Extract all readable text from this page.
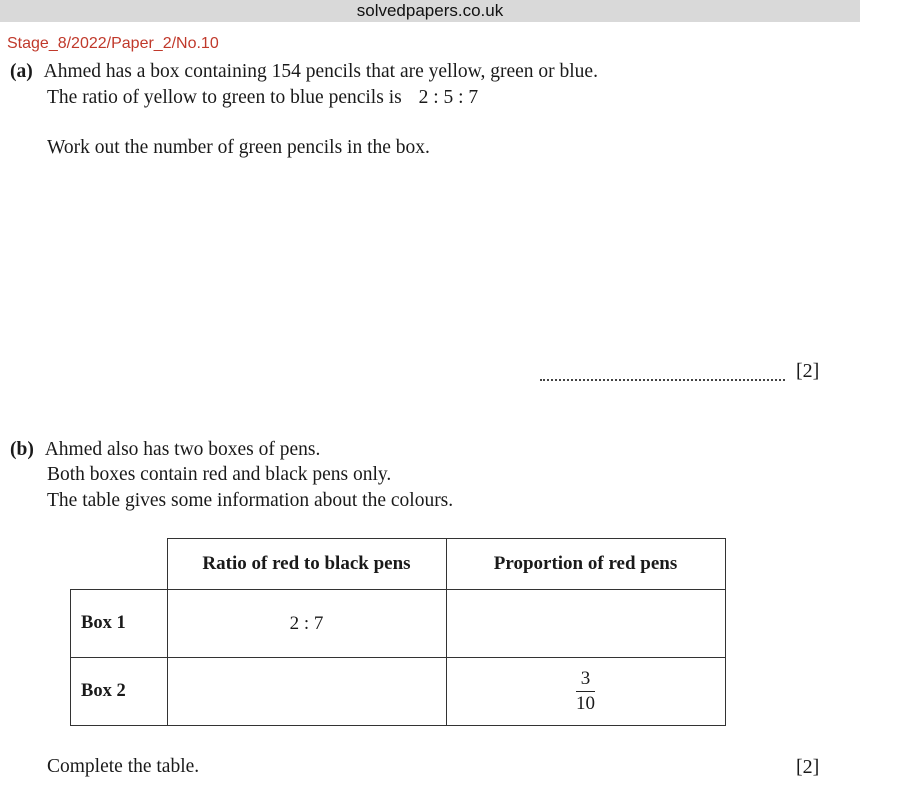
solvedpapers.co.uk
Stage_8/2022/Paper_2/No.10
(a) Ahmed has a box containing 154 pencils that are yellow, green or blue.
The ratio of yellow to green to blue pencils is 2 : 5 : 7
Work out the number of green pencils in the box.
[2]
(b) Ahmed also has two boxes of pens.
Both boxes contain red and black pens only.
The table gives some information about the colours.
	Ratio of red to black pens	Proportion of red pens
Box 1	2 : 7	
Box 2		$\frac{3}{10}$
Complete the table.	[2]
